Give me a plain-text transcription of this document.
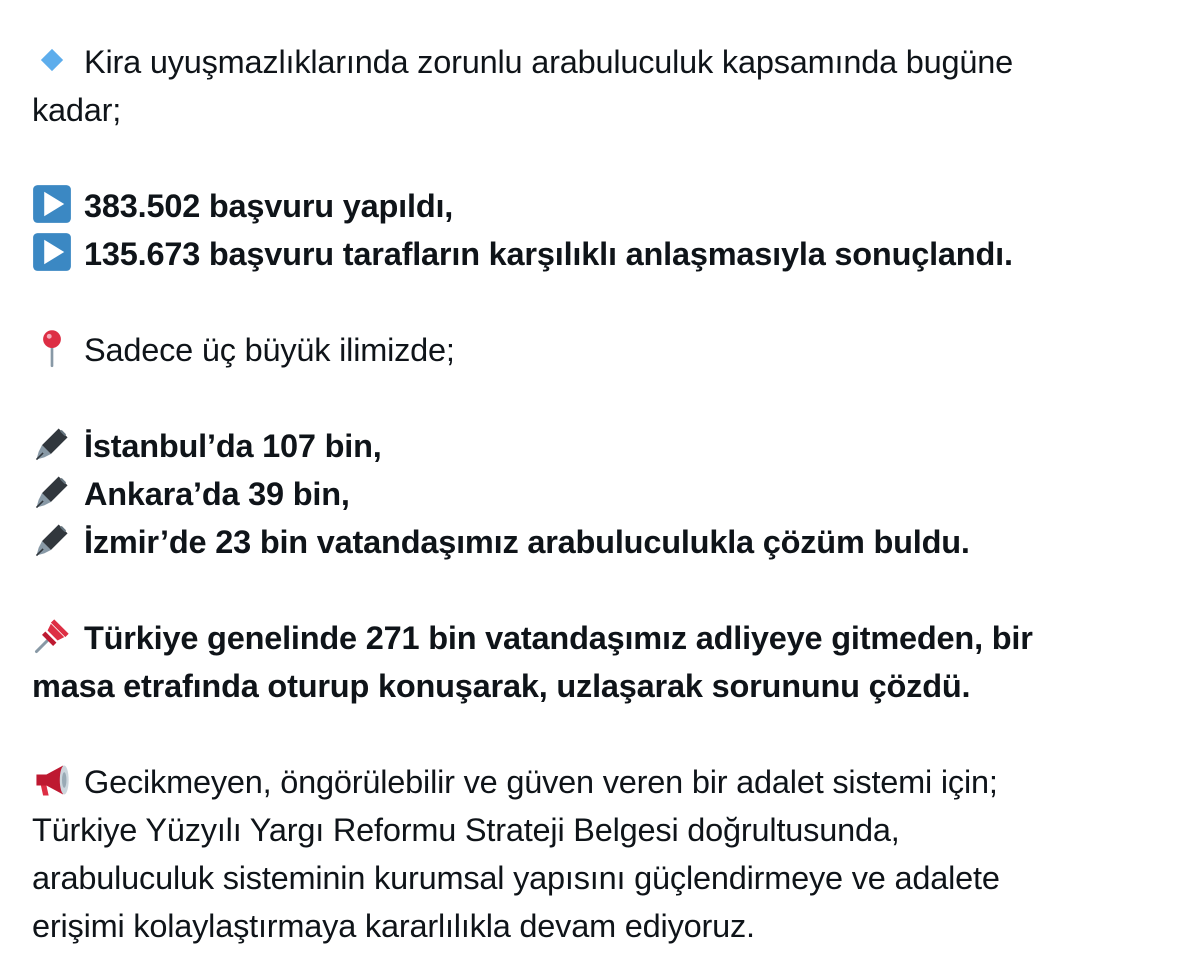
Kira uyuşmazlıklarında zorunlu arabuluculuk kapsamında bugüne
kadar;
383.502 başvuru yapıldı,
135.673 başvuru tarafların karşılıklı anlaşmasıyla sonuçlandı.
Sadece üç büyük ilimizde;
İstanbul’da 107 bin,
Ankara’da 39 bin,
İzmir’de 23 bin vatandaşımız arabuluculukla çözüm buldu.
Türkiye genelinde 271 bin vatandaşımız adliyeye gitmeden, bir
masa etrafında oturup konuşarak, uzlaşarak sorununu çözdü.
Gecikmeyen, öngörülebilir ve güven veren bir adalet sistemi için;
Türkiye Yüzyılı Yargı Reformu Strateji Belgesi doğrultusunda,
arabuluculuk sisteminin kurumsal yapısını güçlendirmeye ve adalete
erişimi kolaylaştırmaya kararlılıkla devam ediyoruz.
